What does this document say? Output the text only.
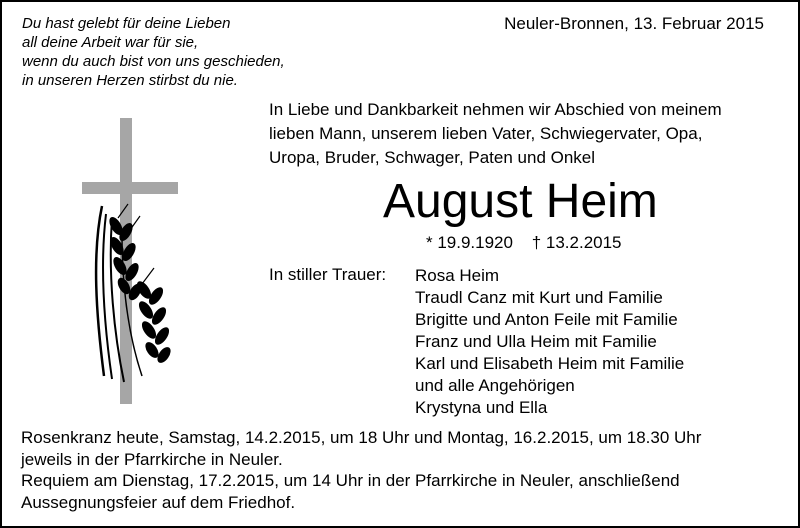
Du hast gelebt für deine Lieben
all deine Arbeit war für sie,
wenn du auch bist von uns geschieden,
in unseren Herzen stirbst du nie.
Neuler-Bronnen, 13. Februar 2015
In Liebe und Dankbarkeit nehmen wir Abschied von meinem
lieben Mann, unserem lieben Vater, Schwiegervater, Opa,
Uropa, Bruder, Schwager, Paten und Onkel
August Heim
* 19.9.1920 † 13.2.2015
In stiller Trauer: Rosa Heim
Traudl Canz mit Kurt und Familie
Brigitte und Anton Feile mit Familie
Franz und Ulla Heim mit Familie
Karl und Elisabeth Heim mit Familie
und alle Angehörigen
Krystyna und Ella
Rosenkranz heute, Samstag, 14.2.2015, um 18 Uhr und Montag, 16.2.2015, um 18.30 Uhr
jeweils in der Pfarrkirche in Neuler.
Requiem am Dienstag, 17.2.2015, um 14 Uhr in der Pfarrkirche in Neuler, anschließend
Aussegnungsfeier auf dem Friedhof.
